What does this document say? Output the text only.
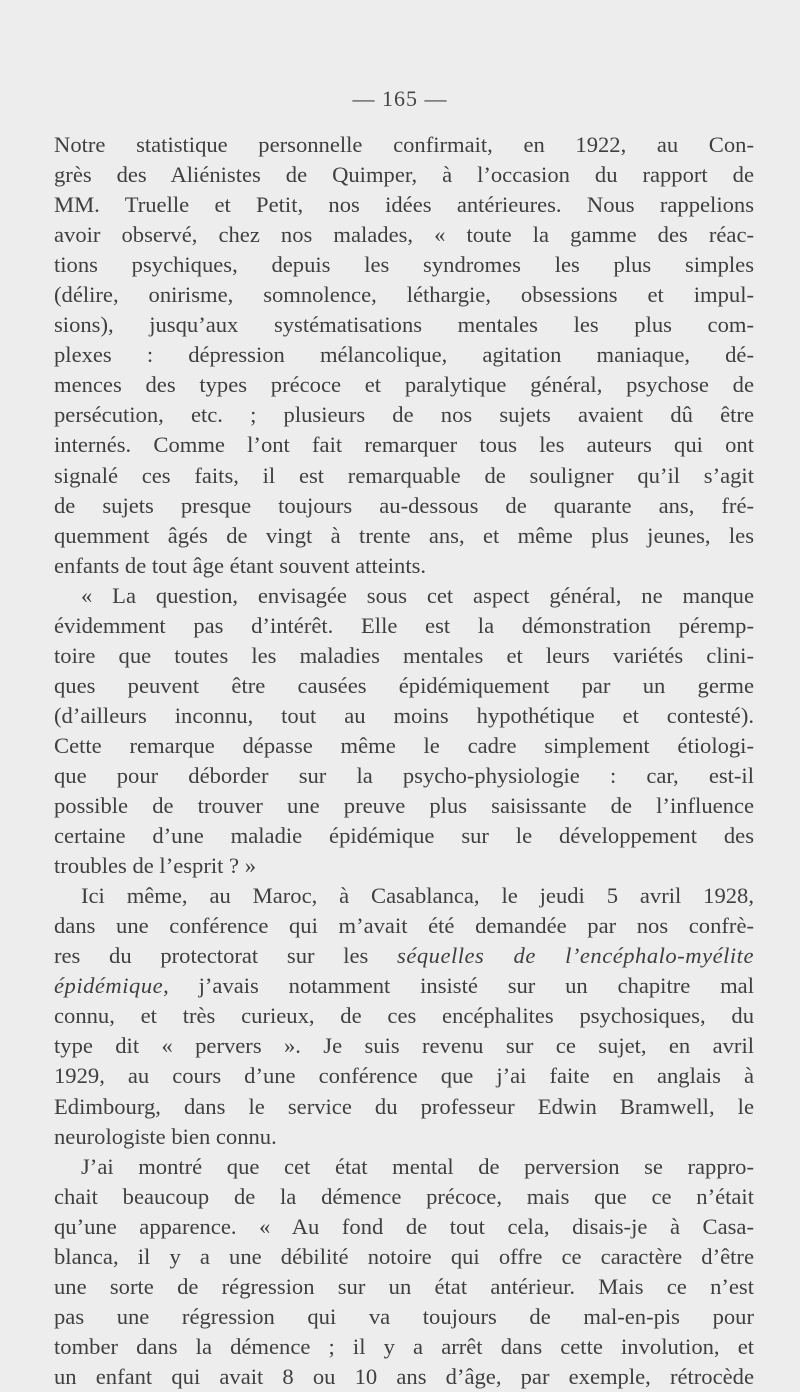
— 165 —

Notre statistique personnelle confirmait, en 1922, au Con-

grès des Aliénistes de Quimper, à l’occasion du rapport de

MM. Truelle et Petit, nos idées antérieures. Nous rappelions

avoir observé, chez nos malades, « toute la gamme des réac-

tions psychiques, depuis les syndromes les plus simples

(délire, onirisme, somnolence, léthargie, obsessions et impul-

sions), jusqu’aux systématisations mentales les plus com-

plexes : dépression mélancolique, agitation maniaque, dé-

mences des types précoce et paralytique général, psychose de

persécution, etc. ; plusieurs de nos sujets avaient dû être

internés. Comme l’ont fait remarquer tous les auteurs qui ont

signalé ces faits, il est remarquable de souligner qu’il s’agit

de sujets presque toujours au-dessous de quarante ans, fré-

quemment âgés de vingt à trente ans, et même plus jeunes, les

enfants de tout âge étant souvent atteints.

« La question, envisagée sous cet aspect général, ne manque

évidemment pas d’intérêt. Elle est la démonstration péremp-

toire que toutes les maladies mentales et leurs variétés clini-

ques peuvent être causées épidémiquement par un germe

(d’ailleurs inconnu, tout au moins hypothétique et contesté).

Cette remarque dépasse même le cadre simplement étiologi-

que pour déborder sur la psycho-physiologie : car, est-il

possible de trouver une preuve plus saisissante de l’influence

certaine d’une maladie épidémique sur le développement des

troubles de l’esprit ? »

Ici même, au Maroc, à Casablanca, le jeudi 5 avril 1928,

dans une conférence qui m’avait été demandée par nos confrè-

res du protectorat sur les séquelles de l’encéphalo-myélite

épidémique, j’avais notamment insisté sur un chapitre mal

connu, et très curieux, de ces encéphalites psychosiques, du

type dit « pervers ». Je suis revenu sur ce sujet, en avril

1929, au cours d’une conférence que j’ai faite en anglais à

Edimbourg, dans le service du professeur Edwin Bramwell, le

neurologiste bien connu.

J’ai montré que cet état mental de perversion se rappro-

chait beaucoup de la démence précoce, mais que ce n’était

qu’une apparence. « Au fond de tout cela, disais-je à Casa-

blanca, il y a une débilité notoire qui offre ce caractère d’être

une sorte de régression sur un état antérieur. Mais ce n’est

pas une régression qui va toujours de mal-en-pis pour

tomber dans la démence ; il y a arrêt dans cette involution, et

un enfant qui avait 8 ou 10 ans d’âge, par exemple, rétrocède
